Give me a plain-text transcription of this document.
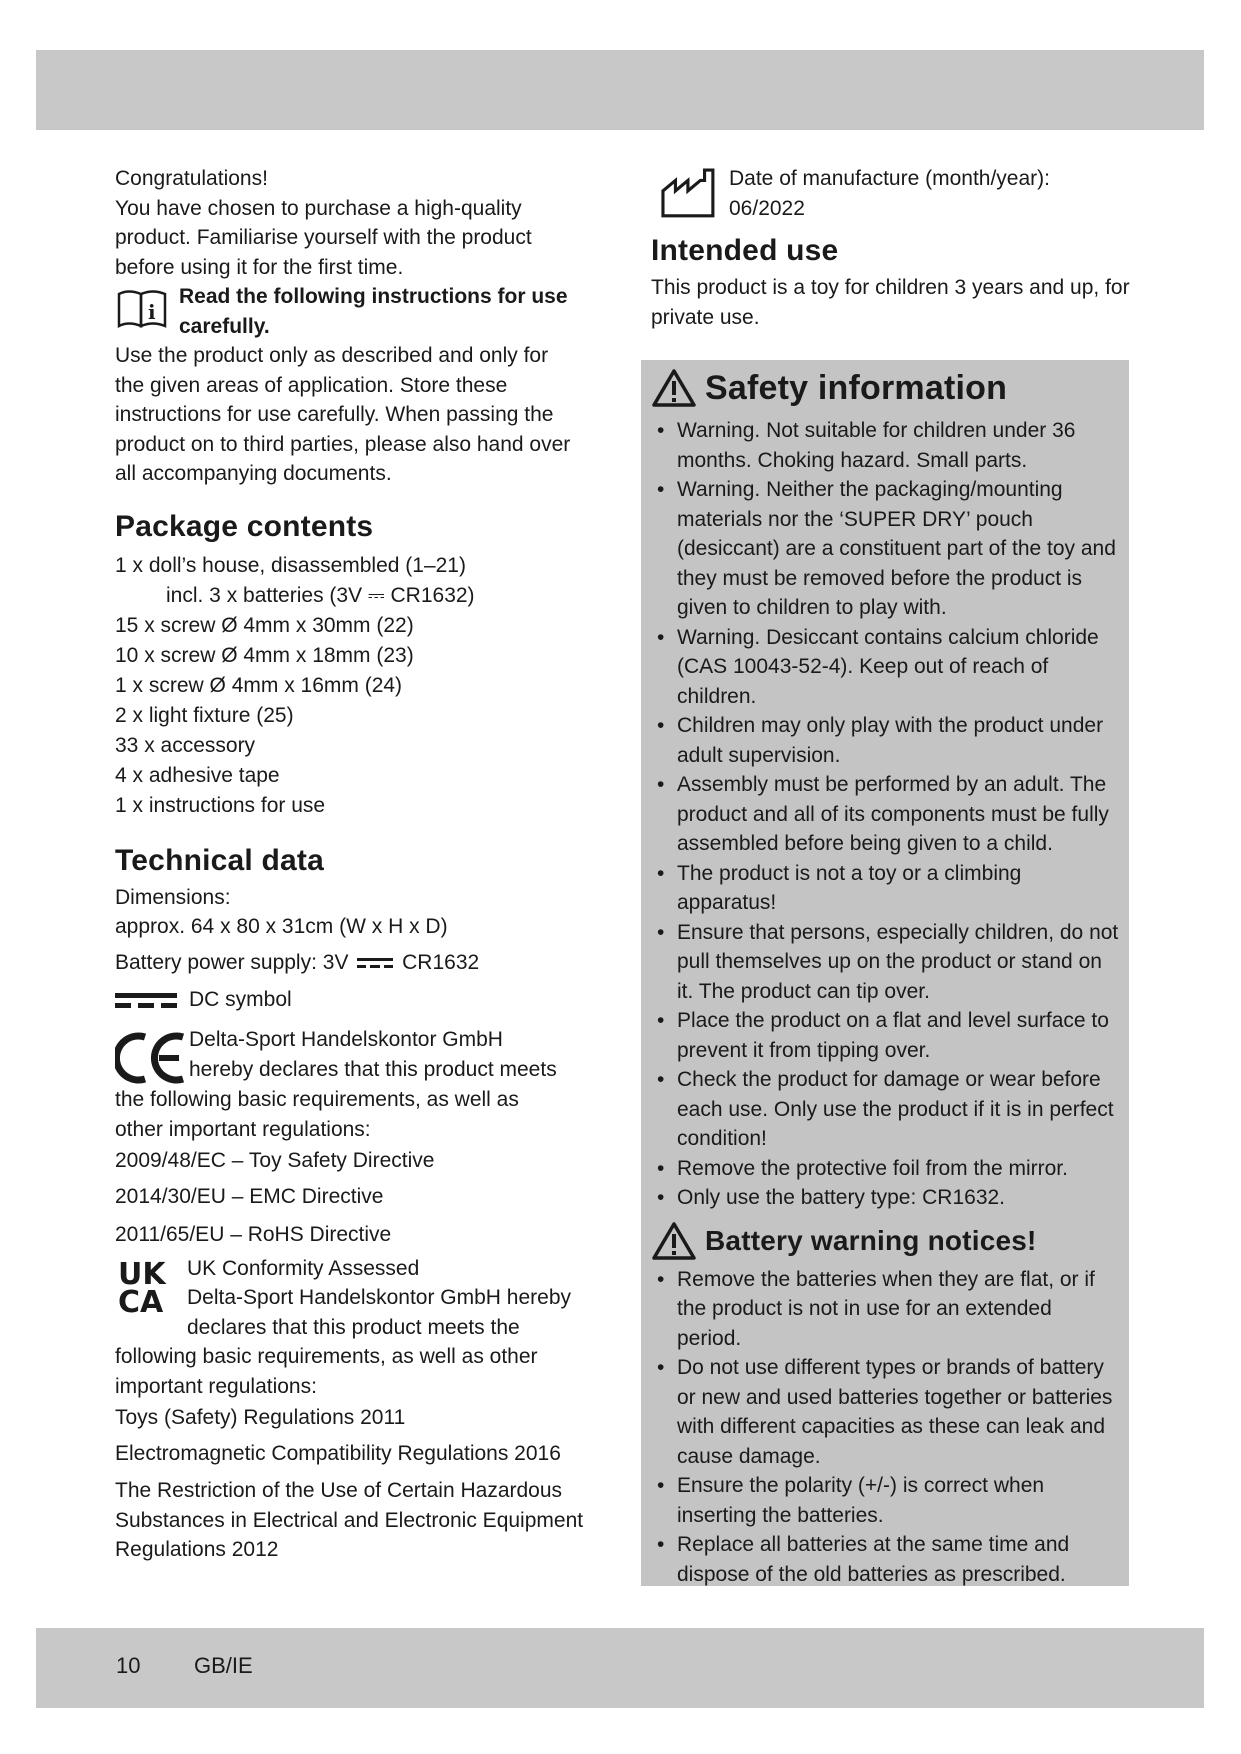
Congratulations!

You have chosen to purchase a high-quality product. Familiarise yourself with the product before using it for the first time.

i
Read the following instructions for use carefully.

Use the product only as described and only for the given areas of application. Store these instructions for use carefully. When passing the product on to third parties, please also hand over all accompanying documents.

Package contents
1 x doll’s house, disassembled (1–21)
incl. 3 x batteries (3V ⎓ CR1632)
15 x screw Ø 4mm x 30mm (22)
10 x screw Ø 4mm x 18mm (23)
1 x screw Ø 4mm x 16mm (24)
2 x light fixture (25)
33 x accessory
4 x adhesive tape
1 x instructions for use
Technical data

Dimensions:

approx. 64 x 80 x 31cm (W x H x D)

Battery power supply: 3V	CR1632

DC symbol

Delta-Sport Handelskontor GmbH

hereby declares that this product meets

the following basic requirements, as well as other important regulations:

2009/48/EC – Toy Safety Directive

2014/30/EU – EMC Directive

2011/65/EU – RoHS Directive

UK
CA

UK Conformity Assessed

Delta-Sport Handelskontor GmbH hereby

declares that this product meets the

following basic requirements, as well as other important regulations:

Toys (Safety) Regulations 2011

Electromagnetic Compatibility Regulations 2016

The Restriction of the Use of Certain Hazardous Substances in Electrical and Electronic Equipment Regulations 2012

Date of manufacture (month/year):

06/2022

Intended use

This product is a toy for children 3 years and up, for private use.

Safety information
• Warning. Not suitable for children under 36 months. Choking hazard. Small parts.
• Warning. Neither the packaging/mounting materials nor the ‘SUPER DRY’ pouch (desiccant) are a constituent part of the toy and they must be removed before the product is given to children to play with.
• Warning. Desiccant contains calcium chloride (CAS 10043-52-4). Keep out of reach of children.
• Children may only play with the product under adult supervision.
• Assembly must be performed by an adult. The product and all of its components must be fully assembled before being given to a child.
• The product is not a toy or a climbing apparatus!
• Ensure that persons, especially children, do not pull themselves up on the product or stand on it. The product can tip over.
• Place the product on a flat and level surface to prevent it from tipping over.
• Check the product for damage or wear before each use. Only use the product if it is in perfect condition!
• Remove the protective foil from the mirror.
• Only use the battery type: CR1632.
Battery warning notices!
• Remove the batteries when they are flat, or if the product is not in use for an extended period.
• Do not use different types or brands of battery or new and used batteries together or batteries with different capacities as these can leak and cause damage.
• Ensure the polarity (+/-) is correct when inserting the batteries.
• Replace all batteries at the same time and dispose of the old batteries as prescribed.
10 GB/IE
